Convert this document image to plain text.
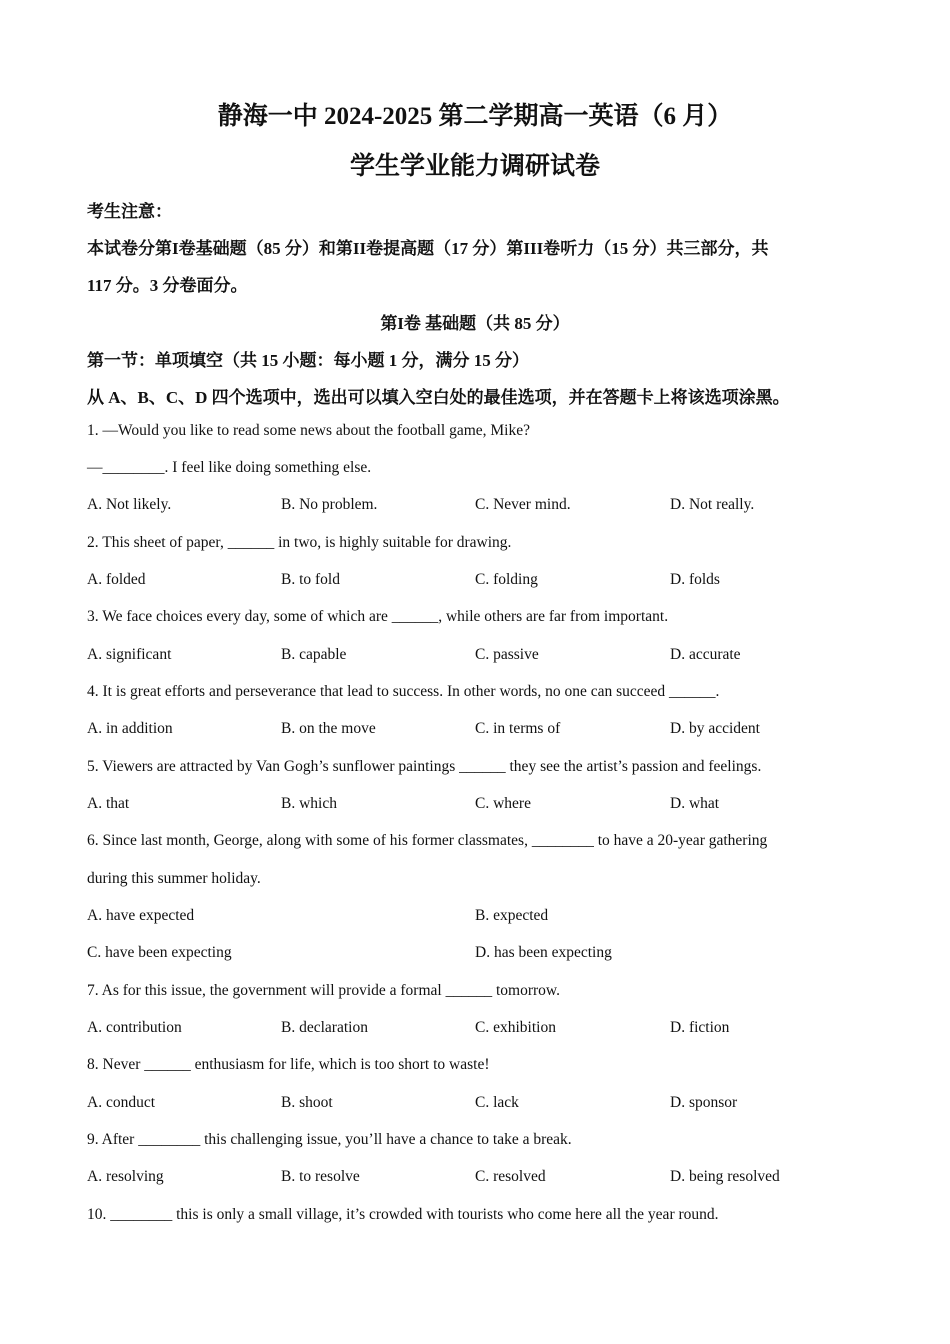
静海一中 2024-2025 第二学期高一英语（6 月）
学生学业能力调研试卷
考生注意：
本试卷分第I卷基础题（85 分）和第II卷提高题（17 分）第III卷听力（15 分）共三部分，共
117 分。3 分卷面分。
第I卷 基础题（共 85 分）
第一节：单项填空（共 15 小题：每小题 1 分，满分 15 分）
从 A、B、C、D 四个选项中，选出可以填入空白处的最佳选项，并在答题卡上将该选项涂黑。
1. —Would you like to read some news about the football game, Mike?
—________. I feel like doing something else.
A. Not likely.	B. No problem.	C. Never mind.	D. Not really.
2. This sheet of paper, ______ in two, is highly suitable for drawing.
A. folded	B. to fold	C. folding	D. folds
3. We face choices every day, some of which are ______, while others are far from important.
A. significant	B. capable	C. passive	D. accurate
4. It is great efforts and perseverance that lead to success. In other words, no one can succeed ______.
A. in addition	B. on the move	C. in terms of	D. by accident
5. Viewers are attracted by Van Gogh’s sunflower paintings ______ they see the artist’s passion and feelings.
A. that	B. which	C. where	D. what
6. Since last month, George, along with some of his former classmates, ________ to have a 20-year gathering
during this summer holiday.
A. have expected	B. expected
C. have been expecting	D. has been expecting
7. As for this issue, the government will provide a formal ______ tomorrow.
A. contribution	B. declaration	C. exhibition	D. fiction
8. Never ______ enthusiasm for life, which is too short to waste!
A. conduct	B. shoot	C. lack	D. sponsor
9. After ________ this challenging issue, you’ll have a chance to take a break.
A. resolving	B. to resolve	C. resolved	D. being resolved
10. ________ this is only a small village, it’s crowded with tourists who come here all the year round.
